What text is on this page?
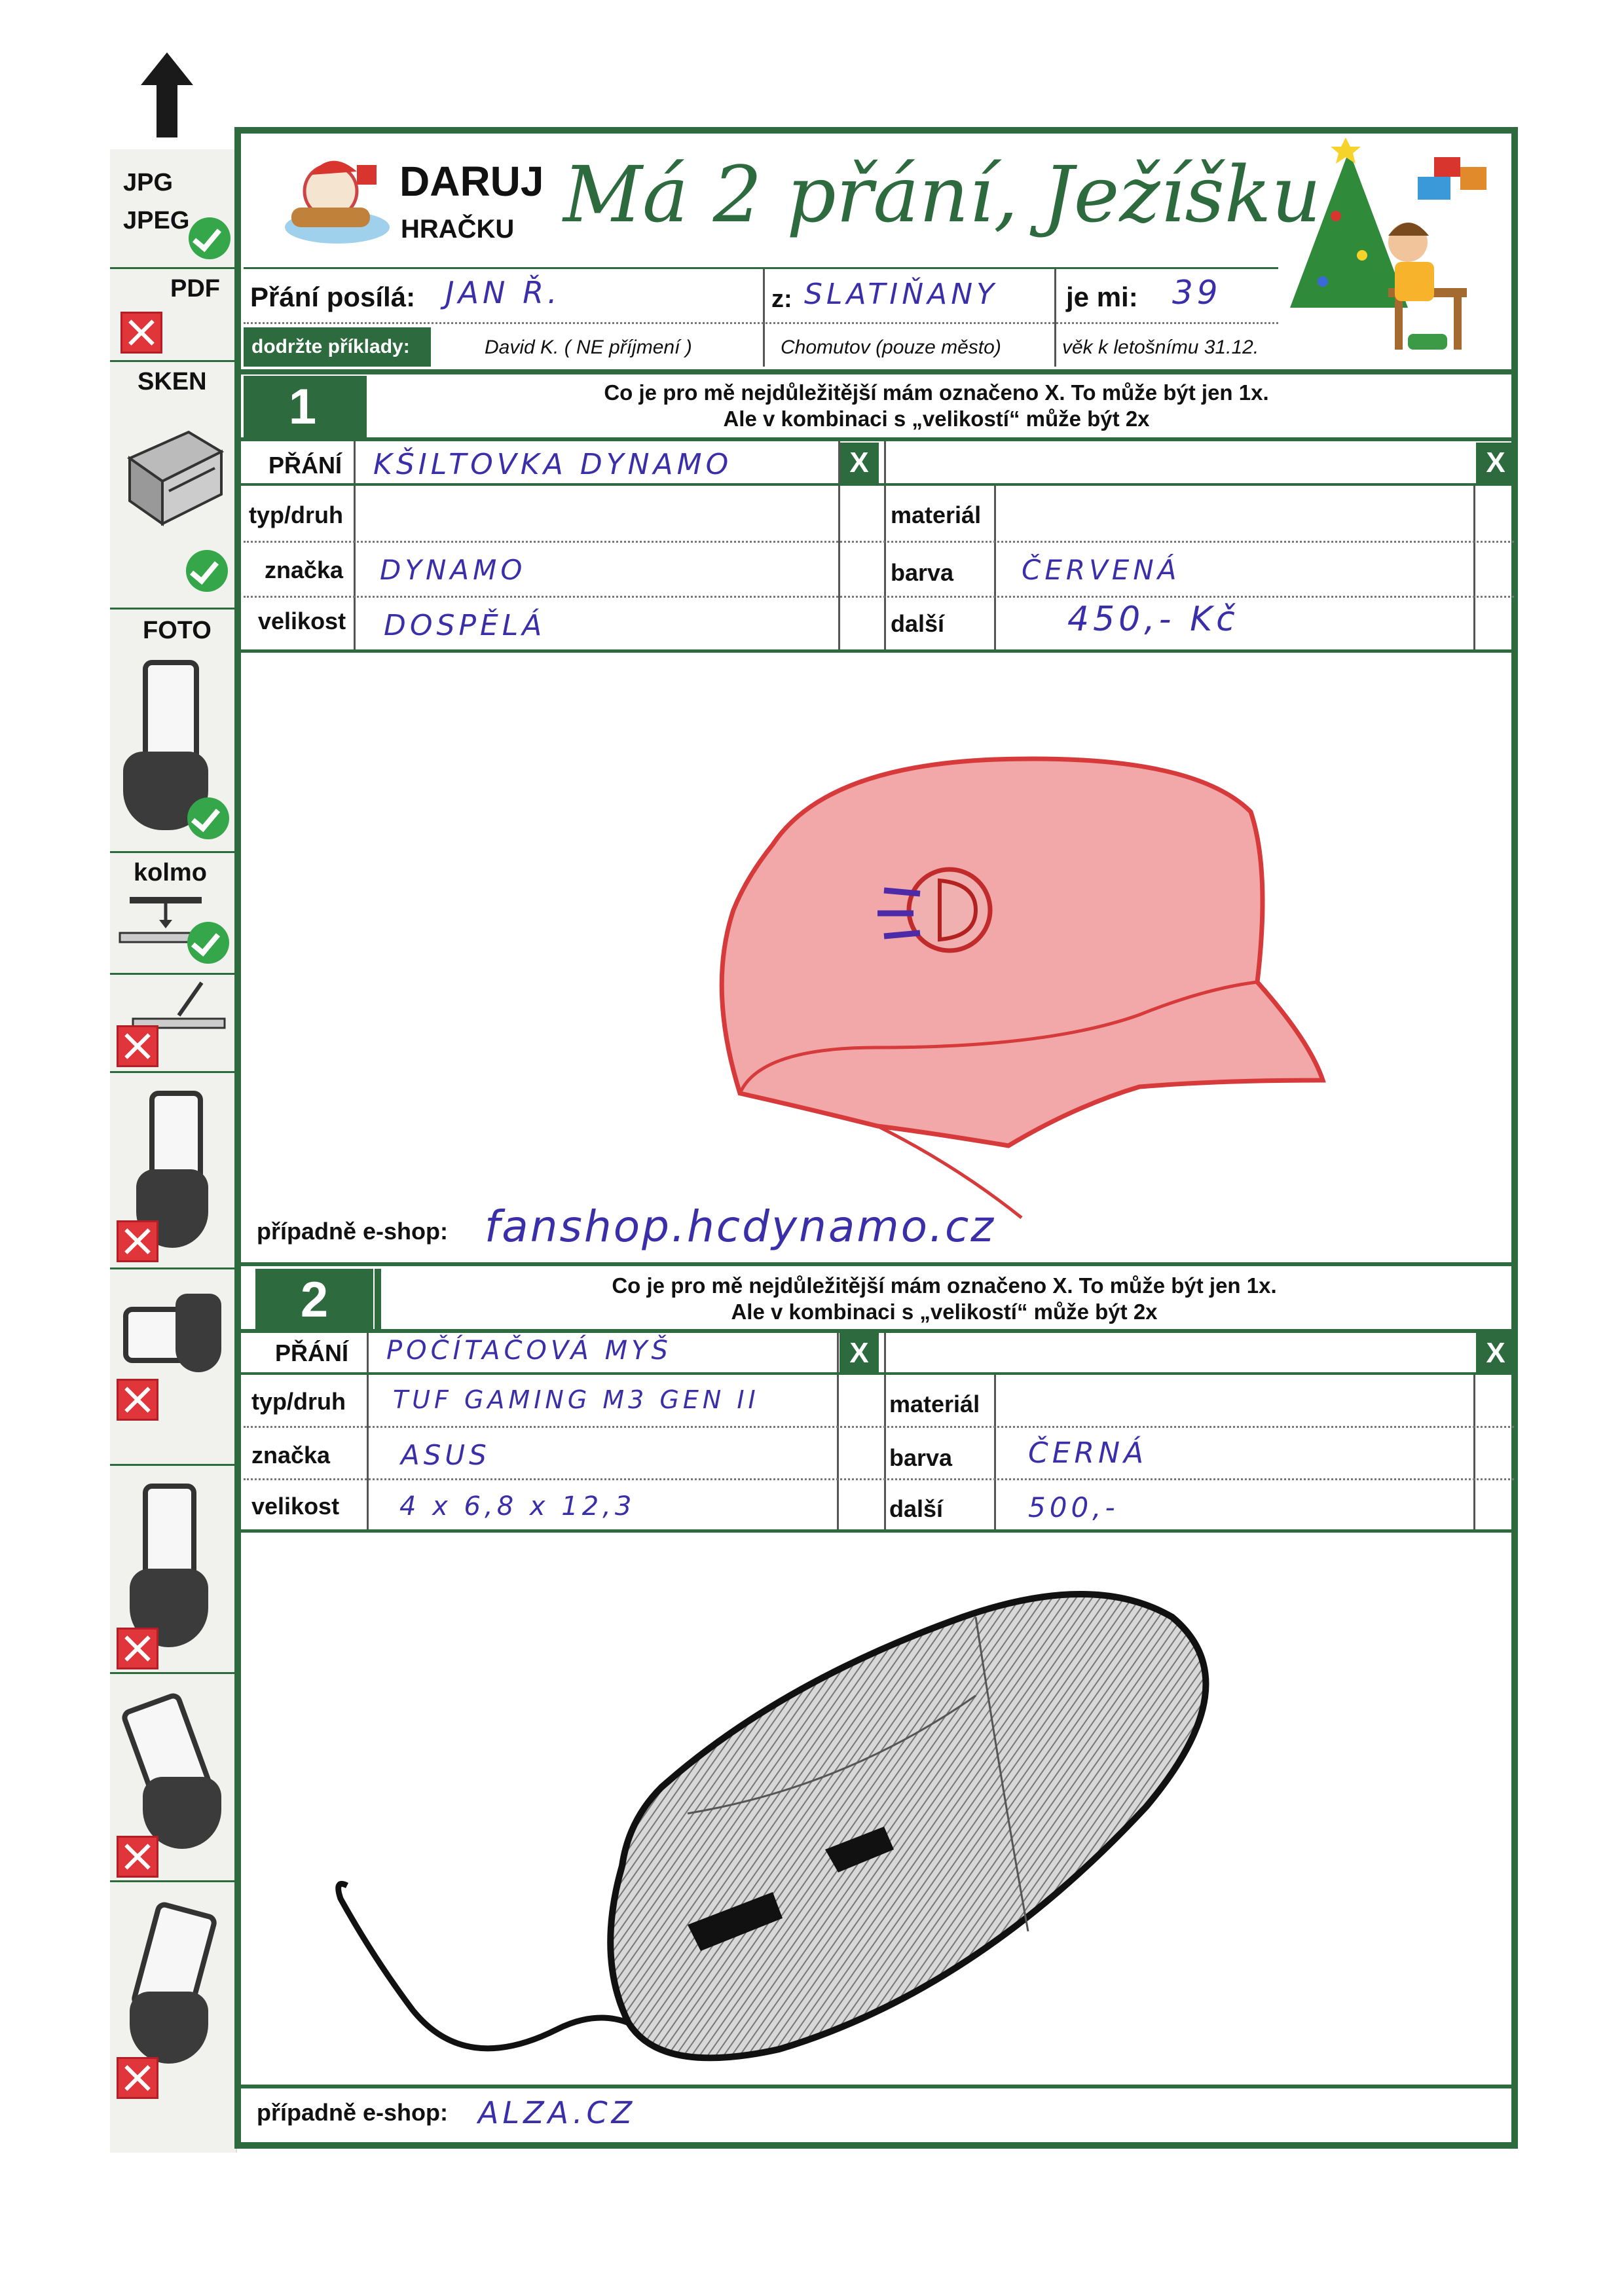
JPG
JPEG
PDF
SKEN
FOTO
kolmo
DARUJ
HRAČKU Má 2 přání, Ježíšku
Přání posílá: JAN Ř.	z: SLATIŇANY je mi: 39
dodržte příklady:	David K. ( NE příjmení )	Chomutov (pouze město)	věk k letošnímu 31.12.
1	Co je pro mě nejdůležitější mám označeno X. To může být jen 1x.
Ale v kombinaci s „velikostí“ může být 2x
PŘÁNÍ KŠILTOVKA DYNAMO	X	X
typ/druh	materiál
značka DYNAMO	barva ČERVENÁ
velikost DOSPĚLÁ	další	450,- Kč
případně e-shop: fanshop.hcdynamo.cz
2	Co je pro mě nejdůležitější mám označeno X. To může být jen 1x.
Ale v kombinaci s „velikostí“ může být 2x
PŘÁNÍ POČÍTAČOVÁ MYŠ	X	X
typ/druh TUF GAMING M3 GEN II	materiál
značka	ASUS	barva	ČERNÁ
velikost 4 x 6,8 x 12,3	další	500,-
případně e-shop: ALZA.CZ
